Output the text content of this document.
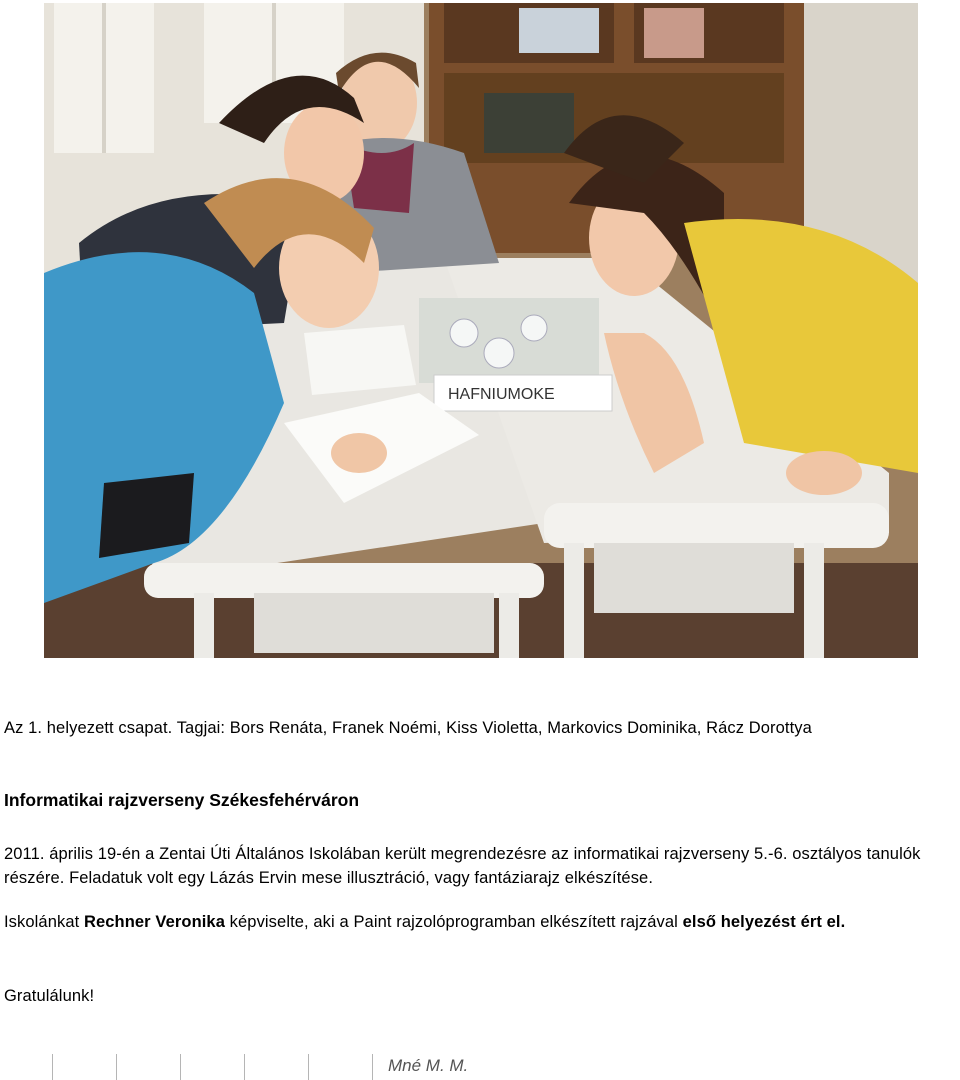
HAFNIUMOKE
Az 1. helyezett csapat. Tagjai: Bors Renáta, Franek Noémi, Kiss Violetta, Markovics Dominika, Rácz Dorottya
Informatikai rajzverseny Székesfehérváron
2011. április 19-én a Zentai Úti Általános Iskolában került megrendezésre az informatikai rajzverseny 5.-6. osztályos tanulók részére. Feladatuk volt egy Lázás Ervin mese illusztráció, vagy fantáziarajz elkészítése.
Iskolánkat Rechner Veronika képviselte, aki a Paint rajzolóprogramban elkészített rajzával első helyezést ért el.
Gratulálunk!
Mné M. M.
